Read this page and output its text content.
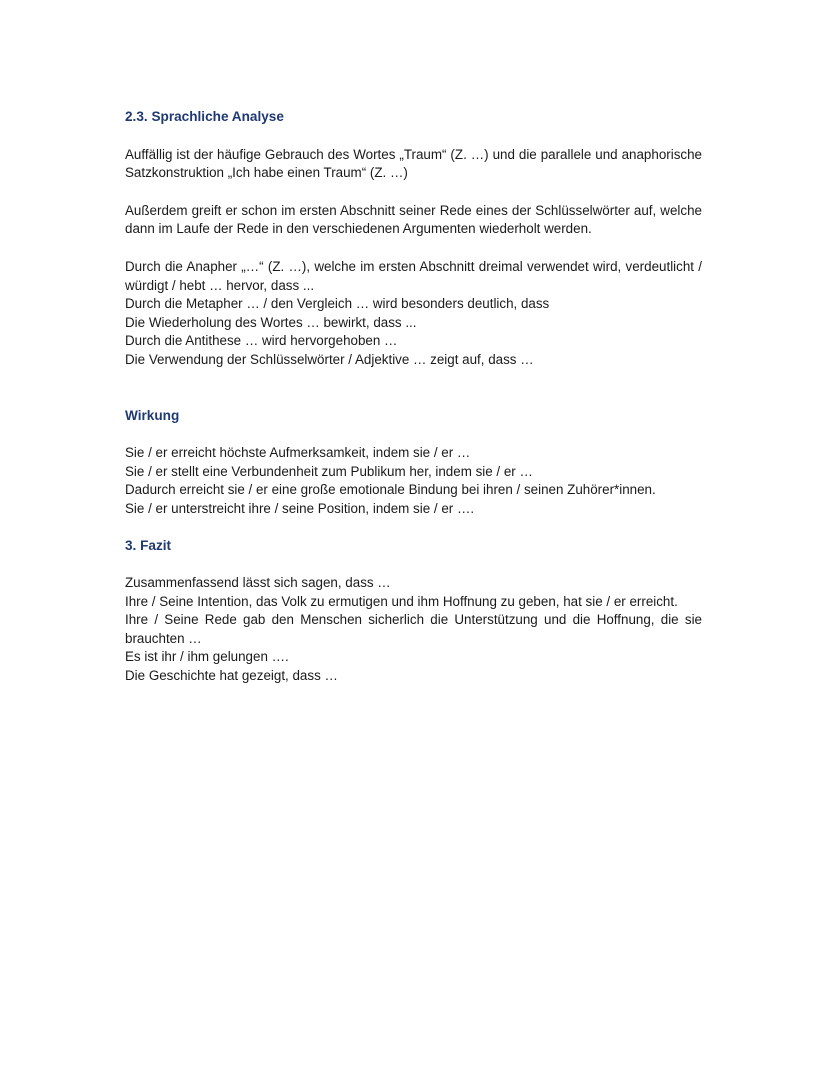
2.3. Sprachliche Analyse

Auffällig ist der häufige Gebrauch des Wortes „Traum“ (Z. …) und die parallele und anaphorische Satzkonstruktion „Ich habe einen Traum“ (Z. …)

Außerdem greift er schon im ersten Abschnitt seiner Rede eines der Schlüsselwörter auf, welche dann im Laufe der Rede in den verschiedenen Argumenten wiederholt werden.

Durch die Anapher „…“ (Z. …), welche im ersten Abschnitt dreimal verwendet wird, verdeutlicht / würdigt / hebt … hervor, dass ...

Durch die Metapher … / den Vergleich … wird besonders deutlich, dass
Die Wiederholung des Wortes … bewirkt, dass ...
Durch die Antithese … wird hervorgehoben …
Die Verwendung der Schlüsselwörter / Adjektive … zeigt auf, dass …

Wirkung

Sie / er erreicht höchste Aufmerksamkeit, indem sie / er …
Sie / er stellt eine Verbundenheit zum Publikum her, indem sie / er …
Dadurch erreicht sie / er eine große emotionale Bindung bei ihren / seinen Zuhörer*innen.
Sie / er unterstreicht ihre / seine Position, indem sie / er ….

3. Fazit

Zusammenfassend lässt sich sagen, dass …
Ihre / Seine Intention, das Volk zu ermutigen und ihm Hoffnung zu geben, hat sie / er erreicht.

Ihre / Seine Rede gab den Menschen sicherlich die Unterstützung und die Hoffnung, die sie brauchten …

Es ist ihr / ihm gelungen ….
Die Geschichte hat gezeigt, dass …
